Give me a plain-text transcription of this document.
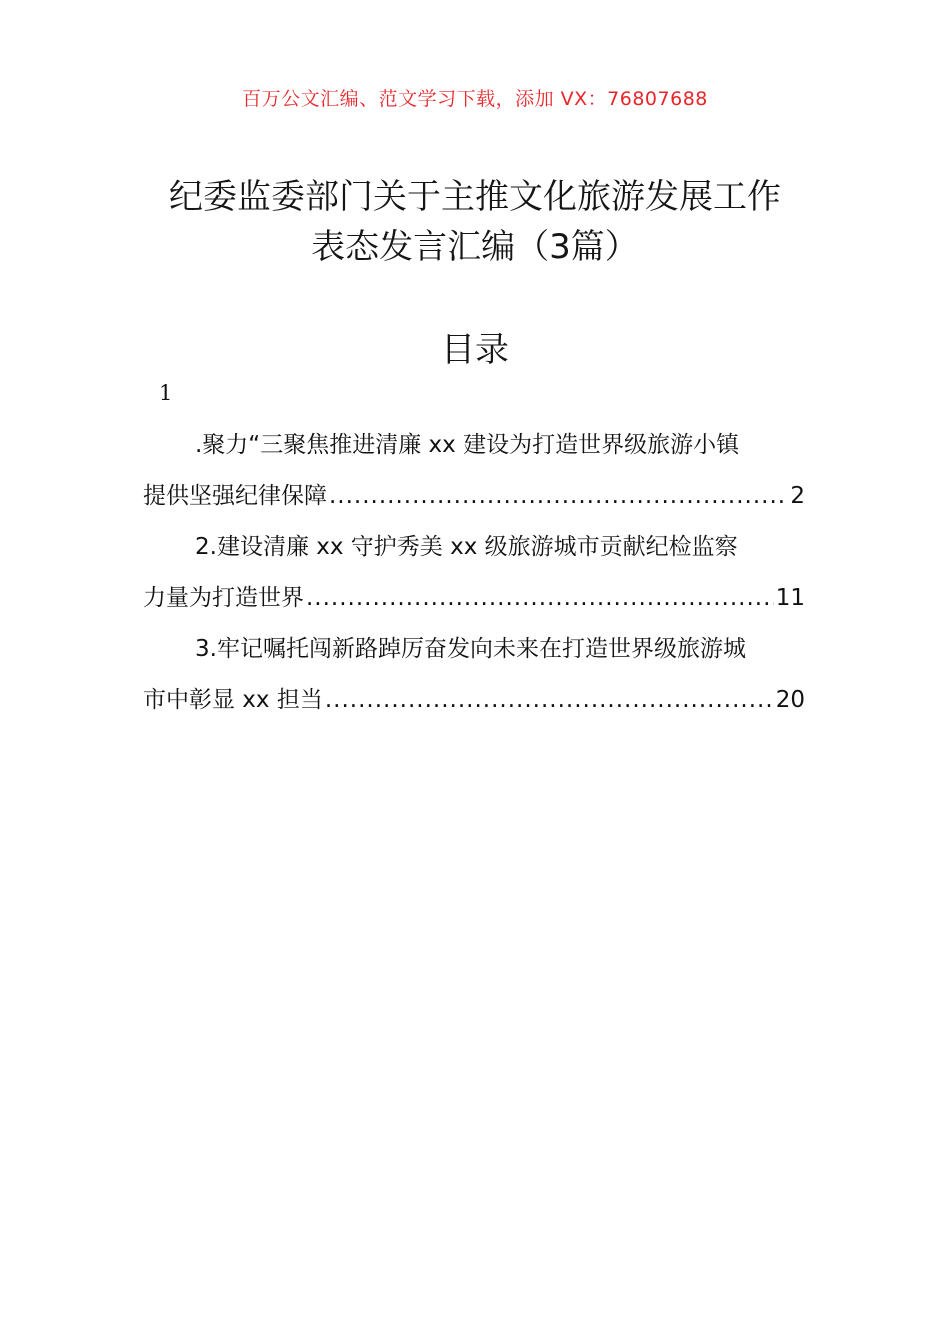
百万公文汇编、范文学习下载，添加 VX：76807688
纪委监委部门关于主推文化旅游发展工作
表态发言汇编（3篇）
目录
1
.聚力“三聚焦推进清廉 xx 建设为打造世界级旅游小镇
提供坚强纪律保障 .....	2
2.建设清廉 xx 守护秀美 xx 级旅游城市贡献纪检监察
力量为打造世界 .....	11
3.牢记嘱托闯新路踔厉奋发向未来在打造世界级旅游城
市中彰显 xx 担当 .....	20
